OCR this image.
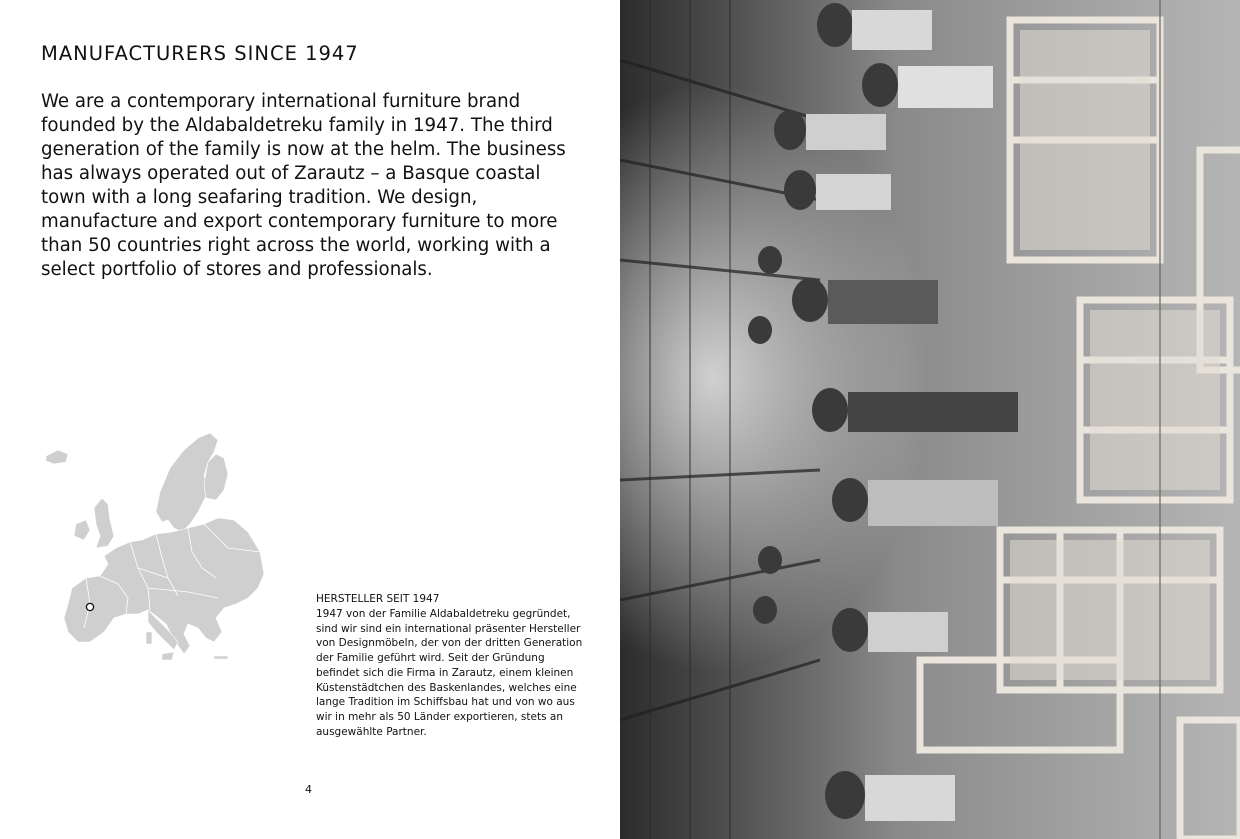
MANUFACTURERS SINCE 1947

We are a contemporary international furniture brand founded by the Aldabaldetreku family in 1947. The third generation of the family is now at the helm. The business has always operated out of Zarautz – a Basque coastal town with a long seafaring tradition. We design, manufacture and export contemporary furniture to more than 50 countries right across the world, working with a select portfolio of stores and professionals.

HERSTELLER SEIT 1947

1947 von der Familie Aldabaldetreku gegründet, sind wir sind ein international präsenter Hersteller von Designmöbeln, der von der dritten Generation der Familie geführt wird. Seit der Gründung befindet sich die Firma in Zarautz, einem kleinen Küstenstädtchen des Baskenlandes, welches eine lange Tradition im Schiffsbau hat und von wo aus wir in mehr als 50 Länder exportieren, stets an ausgewählte Partner.

4
